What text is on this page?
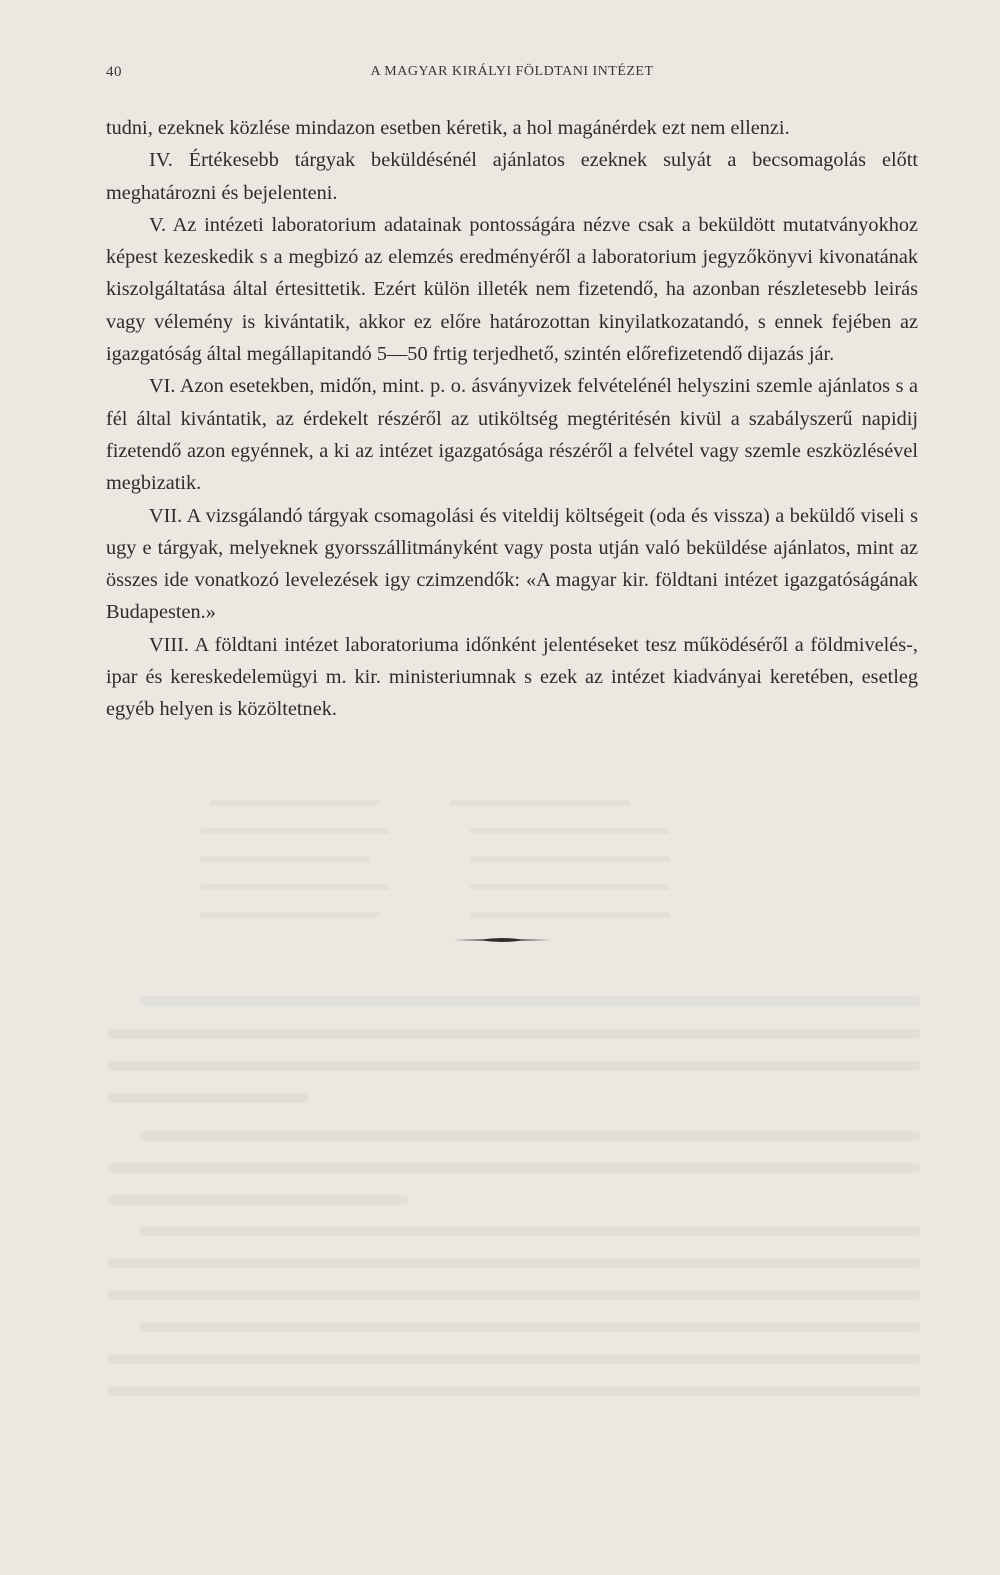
40	A MAGYAR KIRÁLYI FÖLDTANI INTÉZET

tudni, ezeknek közlése mindazon esetben kéretik, a hol magánérdek ezt nem ellenzi.

IV. Értékesebb tárgyak beküldésénél ajánlatos ezeknek sulyát a becsomagolás előtt meghatározni és bejelenteni.

V. Az intézeti laboratorium adatainak pontosságára nézve csak a beküldött mutatványokhoz képest kezeskedik s a megbizó az elemzés eredményéről a laboratorium jegyzőkönyvi kivonatának kiszolgáltatása által értesittetik. Ezért külön illeték nem fizetendő, ha azonban részletesebb leirás vagy vélemény is kivántatik, akkor ez előre határozottan kinyilatkozatandó, s ennek fejében az igazgatóság által megállapitandó 5—50 frtig terjedhető, szintén előrefizetendő dijazás jár.

VI. Azon esetekben, midőn, mint. p. o. ásványvizek felvételénél helyszini szemle ajánlatos s a fél által kivántatik, az érdekelt részéről az utiköltség megtéritésén kivül a szabályszerű napidij fizetendő azon egyénnek, a ki az intézet igazgatósága részéről a felvétel vagy szemle eszközlésével megbizatik.

VII. A vizsgálandó tárgyak csomagolási és viteldij költségeit (oda és vissza) a beküldő viseli s ugy e tárgyak, melyeknek gyorsszállitmányként vagy posta utján való beküldése ajánlatos, mint az összes ide vonatkozó levelezések igy czimzendők: «A magyar kir. földtani intézet igazgatóságának Budapesten.»

VIII. A földtani intézet laboratoriuma időnként jelentéseket tesz működéséről a földmivelés-, ipar és kereskedelemügyi m. kir. ministeriumnak s ezek az intézet kiadványai keretében, esetleg egyéb helyen is közöltetnek.
